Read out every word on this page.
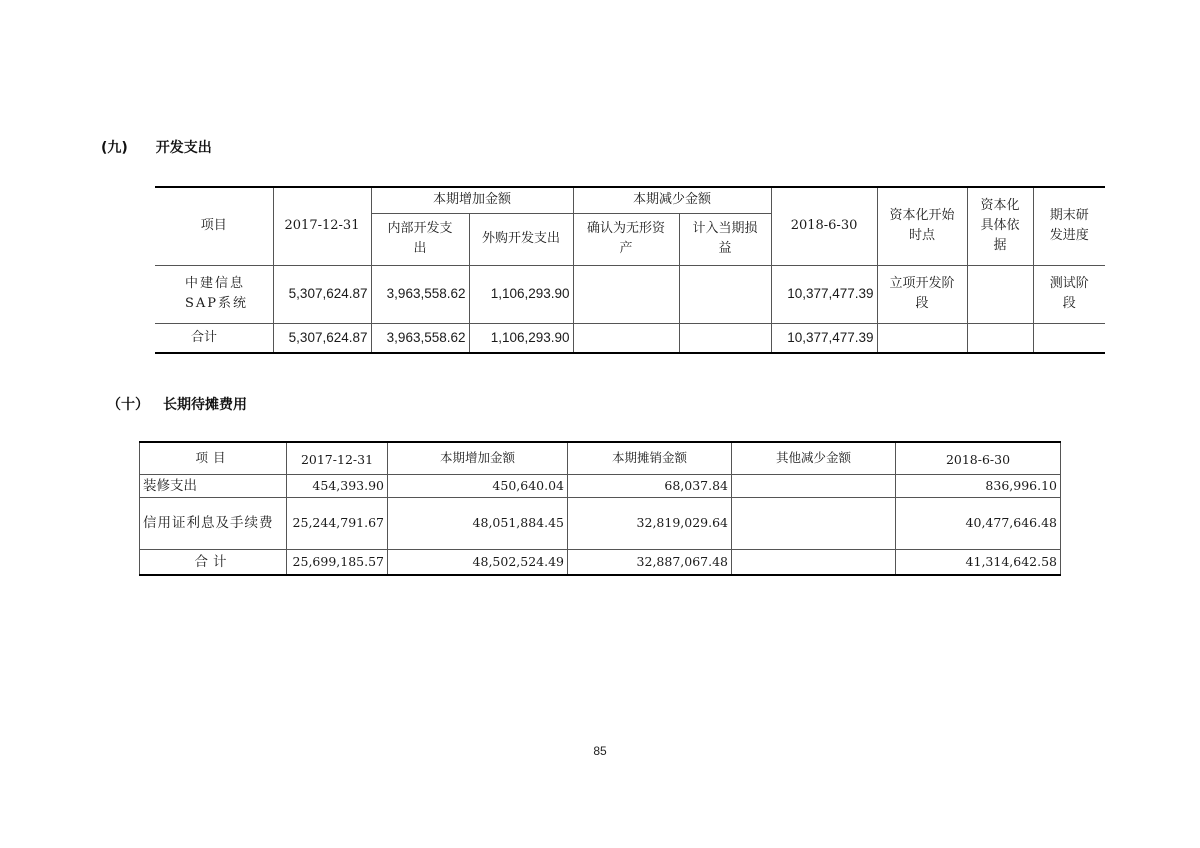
(九) 开发支出
项目	2017-12-31	本期增加金额		本期减少金额		2018-6-30	资本化开始时点	资本化具体依据	期末研发进度
		内部开发支出	外购开发支出	确认为无形资产	计入当期损益				
中建信息SAP系统	5,307,624.87	3,963,558.62	1,106,293.90			10,377,477.39	立项开发阶段		测试阶段
合计	5,307,624.87	3,963,558.62	1,106,293.90			10,377,477.39			
（十） 长期待摊费用
项目	2017-12-31	本期增加金额	本期摊销金额	其他减少金额	2018-6-30
装修支出	454,393.90	450,640.04	68,037.84		836,996.10
信用证利息及手续费	25,244,791.67	48,051,884.45	32,819,029.64		40,477,646.48
合计	25,699,185.57	48,502,524.49	32,887,067.48		41,314,642.58
85
